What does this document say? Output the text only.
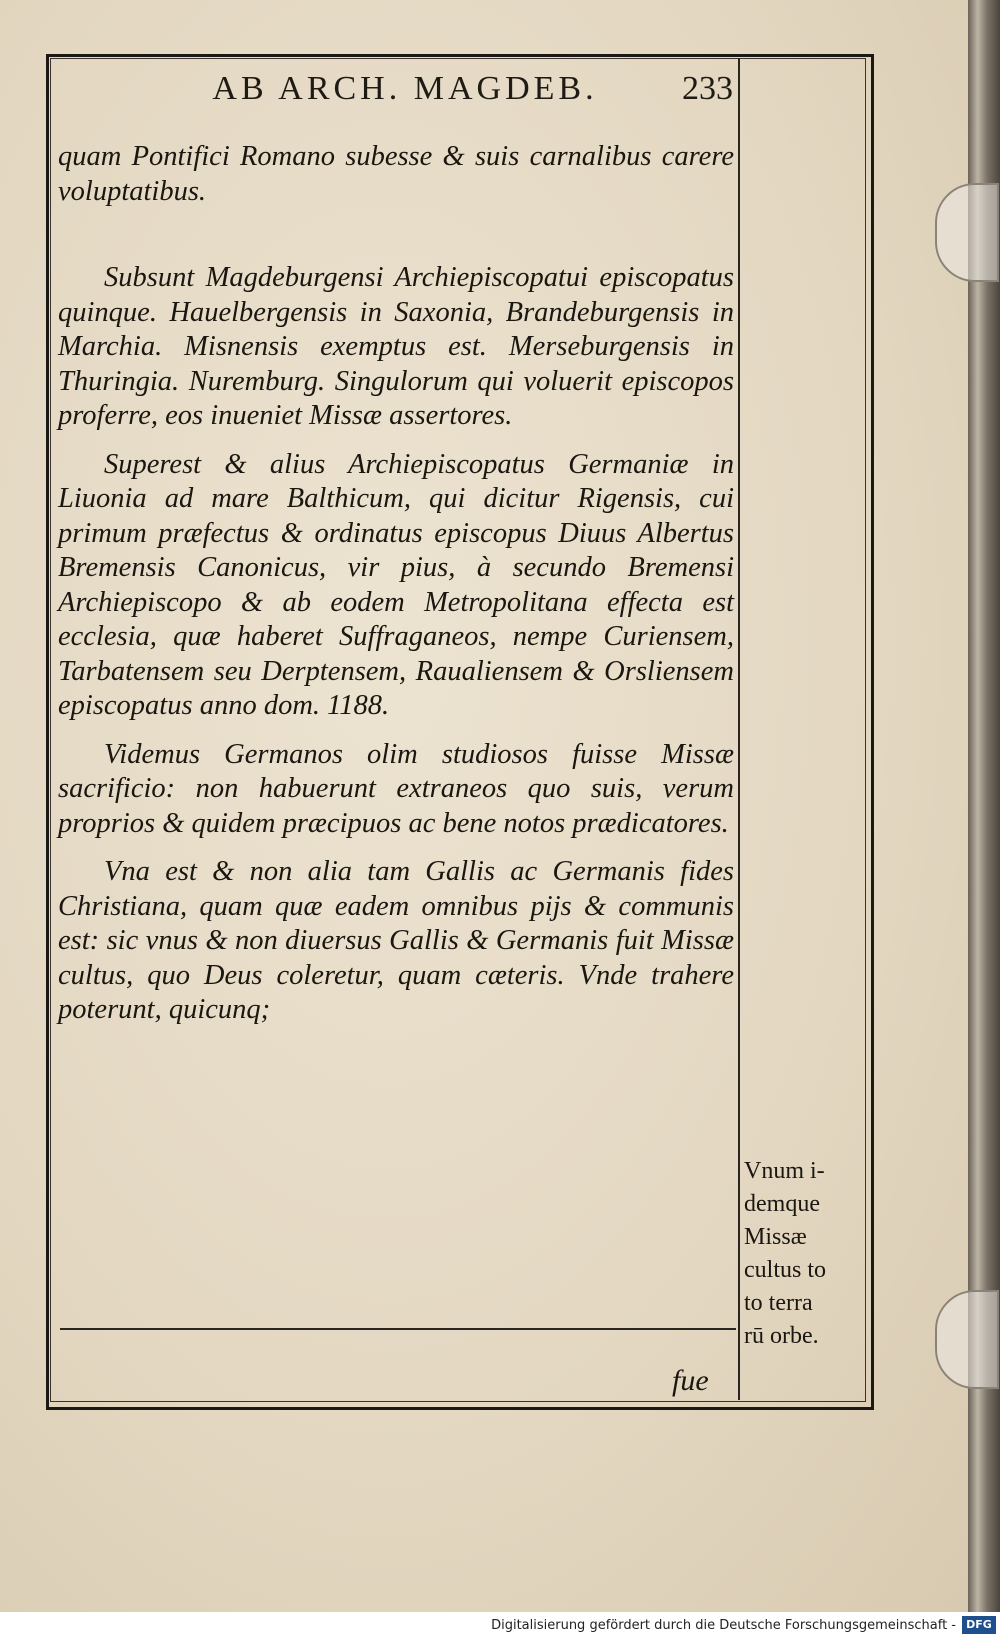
AB ARCH. MAGDEB.	233

quam Pontifici Romano subesse & suis carnalibus carere voluptatibus.

Subsunt Magdeburgensi Archiepiscopatui episcopatus quinque. Hauelbergensis in Saxonia, Brandeburgensis in Marchia. Misnensis exemptus est. Merseburgensis in Thuringia. Nuremburg. Singulorum qui voluerit episcopos proferre, eos inueniet Missæ assertores.

Superest & alius Archiepiscopatus Germaniæ in Liuonia ad mare Balthicum, qui dicitur Rigensis, cui primum præfectus & ordinatus episcopus Diuus Albertus Bremensis Canonicus, vir pius, à secundo Bremensi Archiepiscopo & ab eodem Metropolitana effecta est ecclesia, quæ haberet Suffraganeos, nempe Curiensem, Tarbatensem seu Derptensem, Raualiensem & Orsliensem episcopatus anno dom. 1188.

Videmus Germanos olim studiosos fuisse Missæ sacrificio: non habuerunt extraneos quo suis, verum proprios & quidem præcipuos ac bene notos prædicatores.

Vna est & non alia tam Gallis ac Germanis fides Christiana, quam quæ eadem omnibus pijs & communis est: sic vnus & non diuersus Gallis & Germanis fuit Missæ cultus, quo Deus coleretur, quam cæteris. Vnde trahere poterunt, quicunq;

fue
Vnum i-
demque
Missæ
cultus to
to terra
rū orbe.
Digitalisierung gefördert durch die Deutsche Forschungsgemeinschaft - DFG
